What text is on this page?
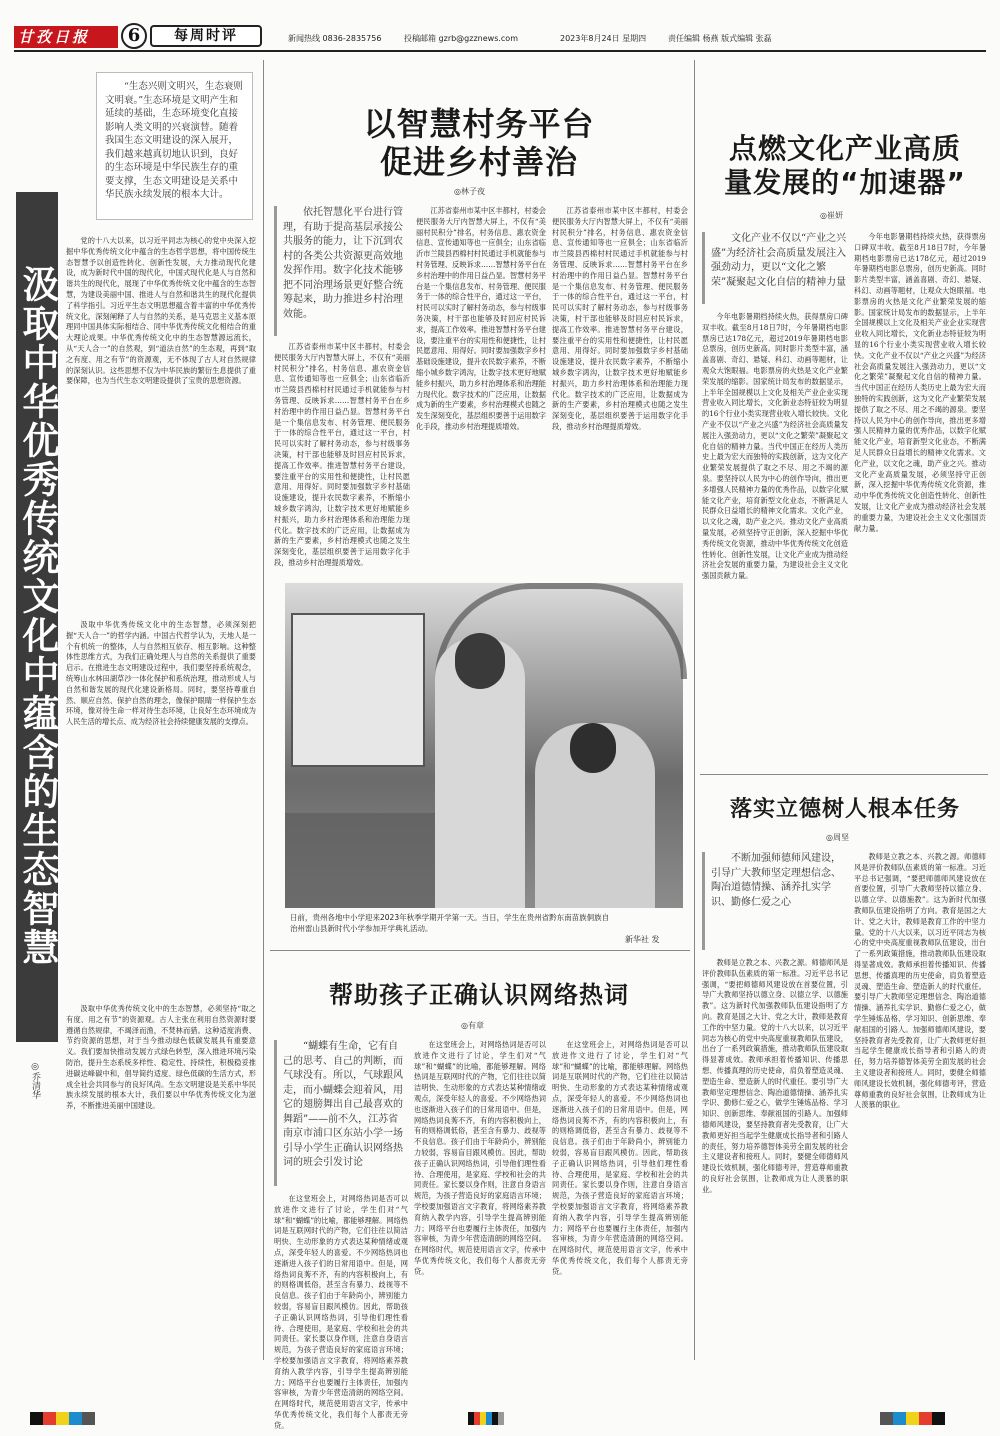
甘孜日报	6	每周时评	新闻热线 0836-2835756	投稿邮箱 gzrb@gzznews.com	2023年8月24日 星期四	责任编辑 杨燕 版式编辑 张磊
“生态兴则文明兴，生态衰则文明衰。”生态环境是文明产生和延续的基础，生态环境变化直接影响人类文明的兴衰演替。随着我国生态文明建设的深入展开，我们越来越真切地认识到，良好的生态环境是中华民族生存的重要支撑，生态文明建设是关系中华民族永续发展的根本大计。
汲取中华优秀传统文化中蕴含的生态智慧
◎乔清华
党的十八大以来，以习近平同志为核心的党中央深入挖掘中华优秀传统文化中蕴含的生态哲学思想，将中国传统生态智慧予以创造性转化、创新性发展，大力推动现代化建设，成为新时代中国的现代化，中国式现代化是人与自然和谐共生的现代化，展现了中华优秀传统文化中蕴含的生态智慧，为建设美丽中国、推进人与自然和谐共生的现代化提供了科学指引。习近平生态文明思想蕴含着丰富的中华优秀传统文化，深刻阐释了人与自然的关系，是马克思主义基本原理同中国具体实际相结合、同中华优秀传统文化相结合的重大理论成果。中华优秀传统文化中的生态智慧源远流长，从“天人合一”的自然观，到“道法自然”的生态观，再到“取之有度、用之有节”的资源观，无不体现了古人对自然规律的深刻认识。这些思想不仅为中华民族的繁衍生息提供了重要保障，也为当代生态文明建设提供了宝贵的思想资源。
汲取中华优秀传统文化中的生态智慧，必须深刻把握“天人合一”的哲学内涵。中国古代哲学认为，天地人是一个有机统一的整体，人与自然相互依存、相互影响。这种整体性思维方式，为我们正确处理人与自然的关系提供了重要启示。在推进生态文明建设过程中，我们要坚持系统观念，统筹山水林田湖草沙一体化保护和系统治理，推动形成人与自然和谐发展的现代化建设新格局。同时，要坚持尊重自然、顺应自然、保护自然的理念，像保护眼睛一样保护生态环境，像对待生命一样对待生态环境，让良好生态环境成为人民生活的增长点、成为经济社会持续健康发展的支撑点。
汲取中华优秀传统文化中的生态智慧，必须坚持“取之有度、用之有节”的资源观。古人主张在利用自然资源时要遵循自然规律，不竭泽而渔，不焚林而猎。这种适度消费、节约资源的思想，对于当今推动绿色低碳发展具有重要意义。我们要加快推动发展方式绿色转型，深入推进环境污染防治，提升生态系统多样性、稳定性、持续性，积极稳妥推进碳达峰碳中和，倡导简约适度、绿色低碳的生活方式，形成全社会共同参与的良好风尚。生态文明建设是关系中华民族永续发展的根本大计，我们要以中华优秀传统文化为滋养，不断推进美丽中国建设。
以智慧村务平台
促进乡村善治
◎林子夜
依托智慧化平台进行管理，有助于提高基层承接公共服务的能力，让下沉到农村的各类公共资源更高效地发挥作用。数字化技术能够把不同治理场景更好整合统筹起来，助力推进乡村治理效能。
江苏省泰州市某中区丰都村，村委会便民服务大厅内智慧大屏上，不仅有“美丽村民积分”排名，村务信息、惠农资金信息、宣传通知等也一应俱全；山东省临沂市兰陵县西棉村村民通过手机就能参与村务管理、反映诉求……智慧村务平台在乡村治理中的作用日益凸显。智慧村务平台是一个集信息发布、村务管理、便民服务于一体的综合性平台，通过这一平台，村民可以实时了解村务动态，参与村级事务决策，村干部也能够及时回应村民诉求，提高工作效率。推进智慧村务平台建设，要注重平台的实用性和便捷性，让村民愿意用、用得好。同时要加强数字乡村基础设施建设，提升农民数字素养，不断缩小城乡数字鸿沟，让数字技术更好地赋能乡村振兴，助力乡村治理体系和治理能力现代化。数字技术的广泛应用，让数据成为新的生产要素，乡村治理模式也随之发生深刻变化，基层组织要善于运用数字化手段，推动乡村治理提质增效。
江苏省泰州市某中区丰都村，村委会便民服务大厅内智慧大屏上，不仅有“美丽村民积分”排名，村务信息、惠农资金信息、宣传通知等也一应俱全；山东省临沂市兰陵县西棉村村民通过手机就能参与村务管理、反映诉求……智慧村务平台在乡村治理中的作用日益凸显。智慧村务平台是一个集信息发布、村务管理、便民服务于一体的综合性平台，通过这一平台，村民可以实时了解村务动态，参与村级事务决策，村干部也能够及时回应村民诉求，提高工作效率。推进智慧村务平台建设，要注重平台的实用性和便捷性，让村民愿意用、用得好。同时要加强数字乡村基础设施建设，提升农民数字素养，不断缩小城乡数字鸿沟，让数字技术更好地赋能乡村振兴，助力乡村治理体系和治理能力现代化。数字技术的广泛应用，让数据成为新的生产要素，乡村治理模式也随之发生深刻变化，基层组织要善于运用数字化手段，推动乡村治理提质增效。
江苏省泰州市某中区丰都村，村委会便民服务大厅内智慧大屏上，不仅有“美丽村民积分”排名，村务信息、惠农资金信息、宣传通知等也一应俱全；山东省临沂市兰陵县西棉村村民通过手机就能参与村务管理、反映诉求……智慧村务平台在乡村治理中的作用日益凸显。智慧村务平台是一个集信息发布、村务管理、便民服务于一体的综合性平台，通过这一平台，村民可以实时了解村务动态，参与村级事务决策，村干部也能够及时回应村民诉求，提高工作效率。推进智慧村务平台建设，要注重平台的实用性和便捷性，让村民愿意用、用得好。同时要加强数字乡村基础设施建设，提升农民数字素养，不断缩小城乡数字鸿沟，让数字技术更好地赋能乡村振兴，助力乡村治理体系和治理能力现代化。数字技术的广泛应用，让数据成为新的生产要素，乡村治理模式也随之发生深刻变化，基层组织要善于运用数字化手段，推动乡村治理提质增效。
日前，贵州各地中小学迎来2023年秋季学期开学第一天。当日，学生在贵州省黔东南苗族侗族自治州雷山县新时代小学参加开学典礼活动。
新华社 发
帮助孩子正确认识网络热词
◎有章
“蝴蝶有生命，它有自己的思考、自己的判断，而气球没有。所以，气球跟风走，而小蝴蝶会迎着风，用它的翅膀舞出自己最喜欢的舞蹈”——前不久，江苏省南京市浦口区东站小学一场引导小学生正确认识网络热词的班会引发讨论
在这堂班会上，对网络热词是否可以放进作文进行了讨论，学生们对“气球”和“蝴蝶”的比喻，都能够理解。网络热词是互联网时代的产物，它们往往以简洁明快、生动形象的方式表达某种情绪或观点，深受年轻人的喜爱。不少网络热词也逐渐进入孩子们的日常用语中。但是，网络热词良莠不齐，有的内容积极向上，有的则格调低俗，甚至含有暴力、歧视等不良信息。孩子们由于年龄尚小，辨别能力较弱，容易盲目跟风模仿。因此，帮助孩子正确认识网络热词，引导他们理性看待、合理使用，是家庭、学校和社会的共同责任。家长要以身作则，注意自身语言规范，为孩子营造良好的家庭语言环境；学校要加强语言文字教育，将网络素养教育纳入教学内容，引导学生提高辨别能力；网络平台也要履行主体责任，加强内容审核，为青少年营造清朗的网络空间。在网络时代，规范使用语言文字，传承中华优秀传统文化，我们每个人都责无旁贷。
在这堂班会上，对网络热词是否可以放进作文进行了讨论，学生们对“气球”和“蝴蝶”的比喻，都能够理解。网络热词是互联网时代的产物，它们往往以简洁明快、生动形象的方式表达某种情绪或观点，深受年轻人的喜爱。不少网络热词也逐渐进入孩子们的日常用语中。但是，网络热词良莠不齐，有的内容积极向上，有的则格调低俗，甚至含有暴力、歧视等不良信息。孩子们由于年龄尚小，辨别能力较弱，容易盲目跟风模仿。因此，帮助孩子正确认识网络热词，引导他们理性看待、合理使用，是家庭、学校和社会的共同责任。家长要以身作则，注意自身语言规范，为孩子营造良好的家庭语言环境；学校要加强语言文字教育，将网络素养教育纳入教学内容，引导学生提高辨别能力；网络平台也要履行主体责任，加强内容审核，为青少年营造清朗的网络空间。在网络时代，规范使用语言文字，传承中华优秀传统文化，我们每个人都责无旁贷。
在这堂班会上，对网络热词是否可以放进作文进行了讨论，学生们对“气球”和“蝴蝶”的比喻，都能够理解。网络热词是互联网时代的产物，它们往往以简洁明快、生动形象的方式表达某种情绪或观点，深受年轻人的喜爱。不少网络热词也逐渐进入孩子们的日常用语中。但是，网络热词良莠不齐，有的内容积极向上，有的则格调低俗，甚至含有暴力、歧视等不良信息。孩子们由于年龄尚小，辨别能力较弱，容易盲目跟风模仿。因此，帮助孩子正确认识网络热词，引导他们理性看待、合理使用，是家庭、学校和社会的共同责任。家长要以身作则，注意自身语言规范，为孩子营造良好的家庭语言环境；学校要加强语言文字教育，将网络素养教育纳入教学内容，引导学生提高辨别能力；网络平台也要履行主体责任，加强内容审核，为青少年营造清朗的网络空间。在网络时代，规范使用语言文字，传承中华优秀传统文化，我们每个人都责无旁贷。
点燃文化产业高质
量发展的“加速器”
◎崔妍
文化产业不仅以“产业之兴盛”为经济社会高质量发展注入强劲动力，更以“文化之繁荣”凝聚起文化自信的精神力量
今年电影暑期档持续火热，获得票房口碑双丰收。截至8月18日7时，今年暑期档电影票房已达178亿元，超过2019年暑期档电影总票房，创历史新高。同时影片类型丰富，涵盖喜剧、奇幻、悬疑、科幻、动画等题材，让观众大饱眼福。电影票房的火热是文化产业繁荣发展的缩影。国家统计局发布的数据显示，上半年全国规模以上文化及相关产业企业实现营业收入同比增长，文化新业态特征较为明显的16个行业小类实现营业收入增长较快。文化产业不仅以“产业之兴盛”为经济社会高质量发展注入强劲动力，更以“文化之繁荣”凝聚起文化自信的精神力量。当代中国正在经历人类历史上最为宏大而独特的实践创新，这为文化产业繁荣发展提供了取之不尽、用之不竭的源泉。要坚持以人民为中心的创作导向，推出更多增强人民精神力量的优秀作品，以数字化赋能文化产业，培育新型文化业态，不断满足人民群众日益增长的精神文化需求。文化产业，以文化之魂，助产业之兴。推动文化产业高质量发展，必须坚持守正创新，深入挖掘中华优秀传统文化资源，推动中华优秀传统文化创造性转化、创新性发展，让文化产业成为推动经济社会发展的重要力量，为建设社会主义文化强国贡献力量。
今年电影暑期档持续火热，获得票房口碑双丰收。截至8月18日7时，今年暑期档电影票房已达178亿元，超过2019年暑期档电影总票房，创历史新高。同时影片类型丰富，涵盖喜剧、奇幻、悬疑、科幻、动画等题材，让观众大饱眼福。电影票房的火热是文化产业繁荣发展的缩影。国家统计局发布的数据显示，上半年全国规模以上文化及相关产业企业实现营业收入同比增长，文化新业态特征较为明显的16个行业小类实现营业收入增长较快。文化产业不仅以“产业之兴盛”为经济社会高质量发展注入强劲动力，更以“文化之繁荣”凝聚起文化自信的精神力量。当代中国正在经历人类历史上最为宏大而独特的实践创新，这为文化产业繁荣发展提供了取之不尽、用之不竭的源泉。要坚持以人民为中心的创作导向，推出更多增强人民精神力量的优秀作品，以数字化赋能文化产业，培育新型文化业态，不断满足人民群众日益增长的精神文化需求。文化产业，以文化之魂，助产业之兴。推动文化产业高质量发展，必须坚持守正创新，深入挖掘中华优秀传统文化资源，推动中华优秀传统文化创造性转化、创新性发展，让文化产业成为推动经济社会发展的重要力量，为建设社会主义文化强国贡献力量。
落实立德树人根本任务
◎周坚
不断加强师德师风建设，引导广大教师坚定理想信念、陶冶道德情操、涵养扎实学识、勤修仁爱之心
教师是立教之本、兴教之源。师德师风是评价教师队伍素质的第一标准。习近平总书记强调，“要把师德师风建设放在首要位置，引导广大教师坚持以德立身、以德立学、以德施教”。这为新时代加强教师队伍建设指明了方向。教育是国之大计、党之大计，教师是教育工作的中坚力量。党的十八大以来，以习近平同志为核心的党中央高度重视教师队伍建设，出台了一系列政策措施，推动教师队伍建设取得显著成效。教师承担着传播知识、传播思想、传播真理的历史使命，肩负着塑造灵魂、塑造生命、塑造新人的时代重任。要引导广大教师坚定理想信念、陶冶道德情操、涵养扎实学识、勤修仁爱之心，做学生锤炼品格、学习知识、创新思维、奉献祖国的引路人。加强师德师风建设，要坚持教育者先受教育，让广大教师更好担当起学生健康成长指导者和引路人的责任，努力培养德智体美劳全面发展的社会主义建设者和接班人。同时，要健全师德师风建设长效机制，强化师德考评，营造尊师重教的良好社会氛围，让教师成为让人羡慕的职业。
教师是立教之本、兴教之源。师德师风是评价教师队伍素质的第一标准。习近平总书记强调，“要把师德师风建设放在首要位置，引导广大教师坚持以德立身、以德立学、以德施教”。这为新时代加强教师队伍建设指明了方向。教育是国之大计、党之大计，教师是教育工作的中坚力量。党的十八大以来，以习近平同志为核心的党中央高度重视教师队伍建设，出台了一系列政策措施，推动教师队伍建设取得显著成效。教师承担着传播知识、传播思想、传播真理的历史使命，肩负着塑造灵魂、塑造生命、塑造新人的时代重任。要引导广大教师坚定理想信念、陶冶道德情操、涵养扎实学识、勤修仁爱之心，做学生锤炼品格、学习知识、创新思维、奉献祖国的引路人。加强师德师风建设，要坚持教育者先受教育，让广大教师更好担当起学生健康成长指导者和引路人的责任，努力培养德智体美劳全面发展的社会主义建设者和接班人。同时，要健全师德师风建设长效机制，强化师德考评，营造尊师重教的良好社会氛围，让教师成为让人羡慕的职业。
